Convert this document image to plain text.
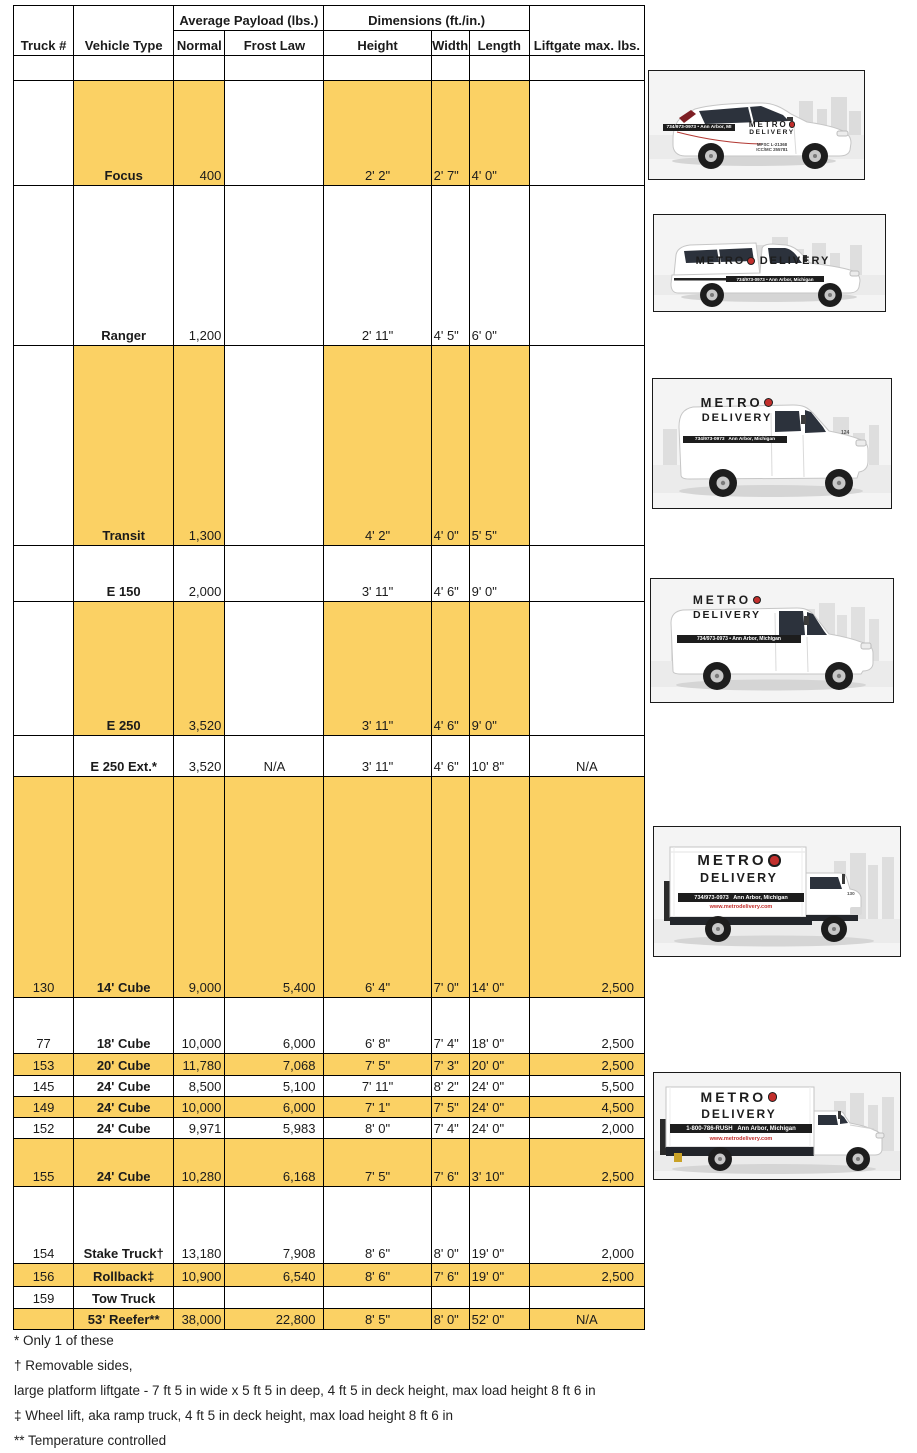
Truck #	Vehicle Type	Average Payload (lbs.)		Dimensions (ft./in.)			Liftgate max. lbs.
		Normal	Frost Law	Height	Width	Length	

	Focus	400		2' 2"	2' 7"	4' 0"	
	Ranger	1,200		2' 11"	4' 5"	6' 0"	
	Transit	1,300		4' 2"	4' 0"	5' 5"	
	E 150	2,000		3' 11"	4' 6"	9' 0"	
	E 250	3,520		3' 11"	4' 6"	9' 0"	
	E 250 Ext.*	3,520	N/A	3' 11"	4' 6"	10' 8"	N/A
130	14' Cube	9,000	5,400	6' 4"	7' 0"	14' 0"	2,500
77	18' Cube	10,000	6,000	6' 8"	7' 4"	18' 0"	2,500
153	20' Cube	11,780	7,068	7' 5"	7' 3"	20' 0"	2,500
145	24' Cube	8,500	5,100	7' 11"	8' 2"	24' 0"	5,500
149	24' Cube	10,000	6,000	7' 1"	7' 5"	24' 0"	4,500
152	24' Cube	9,971	5,983	8' 0"	7' 4"	24' 0"	2,000
155	24' Cube	10,280	6,168	7' 5"	7' 6"	3' 10"	2,500
154	Stake Truck†	13,180	7,908	8' 6"	8' 0"	19' 0"	2,000
156	Rollback‡	10,900	6,540	8' 6"	7' 6"	19' 0"	2,500
159	Tow Truck						
	53' Reefer**	38,000	22,800	8' 5"	8' 0"	52' 0"	N/A
* Only 1 of these
† Removable sides,
large platform liftgate - 7 ft 5 in wide x 5 ft 5 in deep, 4 ft 5 in deck height, max load height 8 ft 6 in
‡ Wheel lift, aka ramp truck, 4 ft 5 in deck height, max load height 8 ft 6 in
** Temperature controlled
734/973-0973 • Ann Arbor, MI	METRO
DELIVERY
MPSC L-21368
ICC/MC 255781
METRO DELIVERY
734/973-0973 • Ann Arbor, Michigan
METRO
DELIVERY
734/973-0973   Ann Arbor, Michigan
124
METRO
DELIVERY
734/973-0973 • Ann Arbor, Michigan
METRO
DELIVERY
734/973-0973   Ann Arbor, Michigan
www.metrodelivery.com
130
METRO
DELIVERY
1-800-786-RUSH   Ann Arbor, Michigan
www.metrodelivery.com
